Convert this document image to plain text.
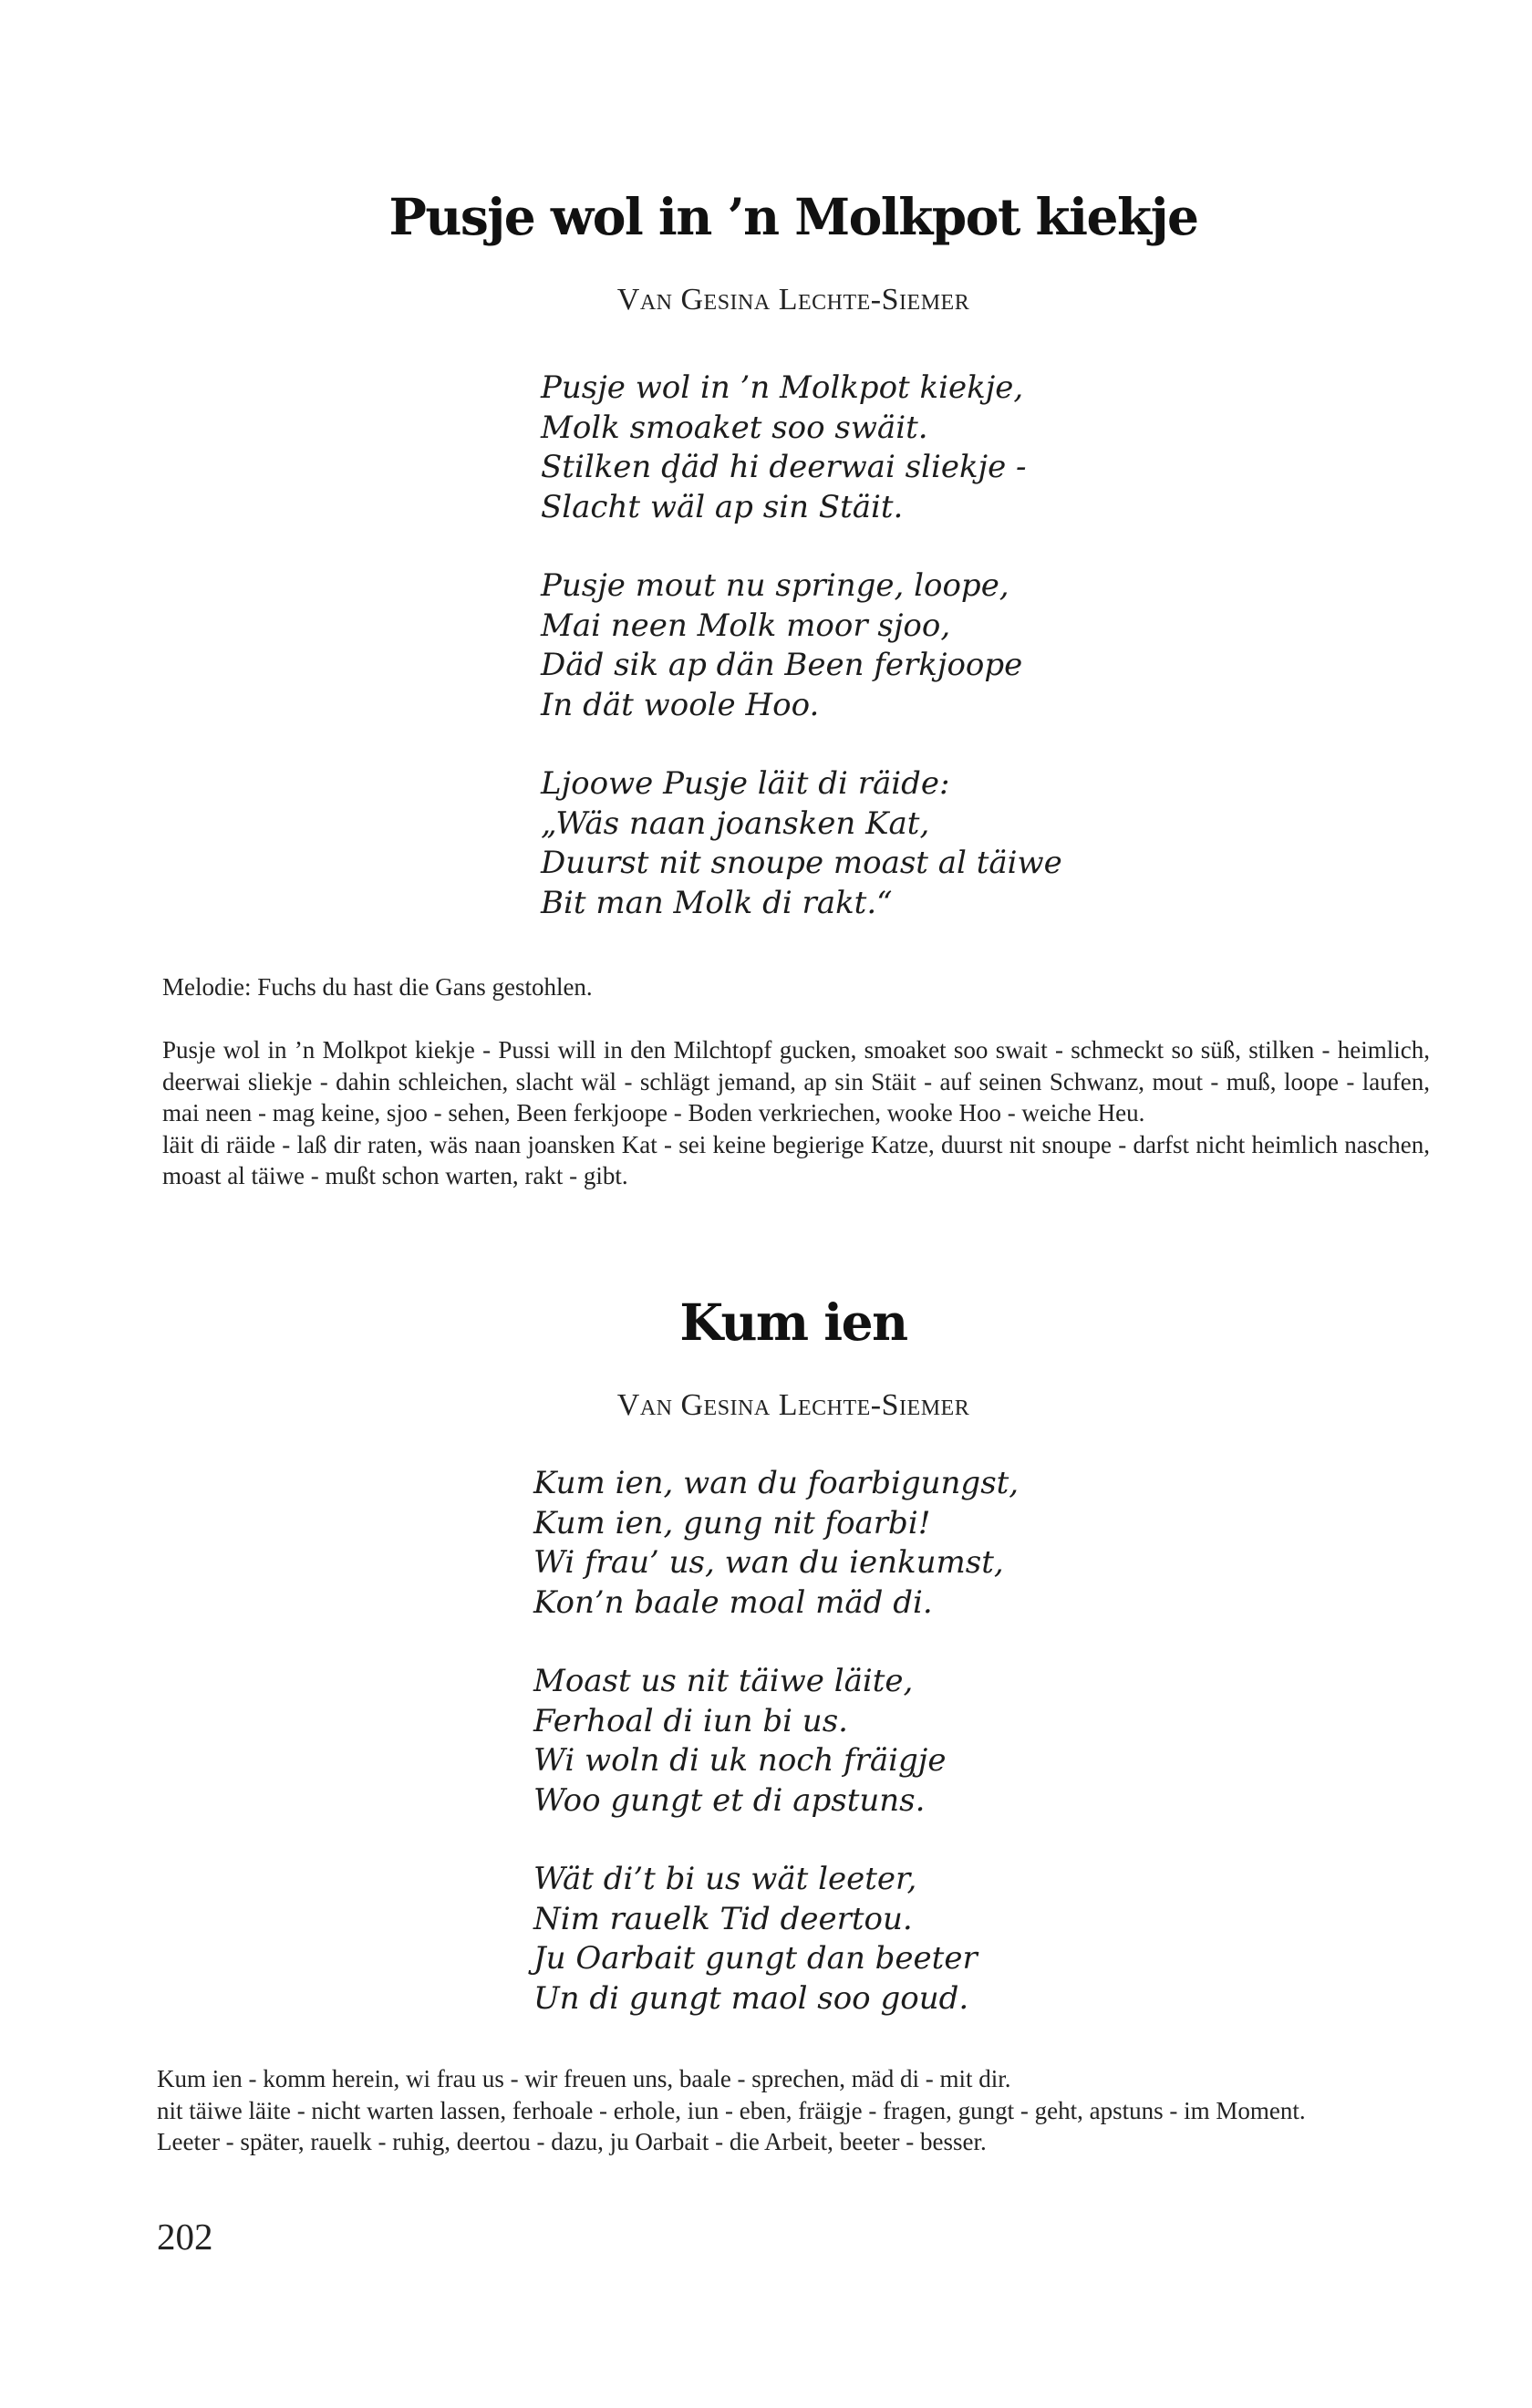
Pusje wol in ’n Molkpot kiekje
Van Gesina Lechte-Siemer
Pusje wol in ’n Molkpot kiekje,
Molk smoaket soo swäit.
Stilken ḑäd hi deerwai sliekje -
Slacht wäl ap sin Stäit.
Pusje mout nu springe, loope,
Mai neen Molk moor sjoo,
Däd sik ap dän Been ferkjoope
In dät woole Hoo.
Ljoowe Pusje läit di räide:
„Wäs naan joansken Kat,
Duurst nit snoupe moast al täiwe
Bit man Molk di rakt.“

Melodie: Fuchs du hast die Gans gestohlen.

Pusje wol in ’n Molkpot kiekje - Pussi will in den Milchtopf gucken, smoaket soo swait - schmeckt so süß, stilken - heimlich, deerwai sliekje - dahin schleichen, slacht wäl - schlägt jemand, ap sin Stäit - auf seinen Schwanz, mout - muß, loope - laufen, mai neen - mag keine, sjoo - sehen, Been ferkjoope - Boden verkriechen, wooke Hoo - weiche Heu.

läit di räide - laß dir raten, wäs naan joansken Kat - sei keine begierige Katze, duurst nit snoupe - darfst nicht heimlich naschen, moast al täiwe - mußt schon warten, rakt - gibt.

Kum ien
Van Gesina Lechte-Siemer
Kum ien, wan du foarbigungst,
Kum ien, gung nit foarbi!
Wi frau’ us, wan du ienkumst,
Kon’n baale moal mäd di.
Moast us nit täiwe läite,
Ferhoal di iun bi us.
Wi woln di uk noch fräigje
Woo gungt et di apstuns.
Wät di’t bi us wät leeter,
Nim rauelk Tid deertou.
Ju Oarbait gungt dan beeter
Un di gungt maol soo goud.

Kum ien - komm herein, wi frau us - wir freuen uns, baale - sprechen, mäd di - mit dir.

nit täiwe läite - nicht warten lassen, ferhoale - erhole, iun - eben, fräigje - fragen, gungt - geht, apstuns - im Moment.

Leeter - später, rauelk - ruhig, deertou - dazu, ju Oarbait - die Arbeit, beeter - besser.

202
